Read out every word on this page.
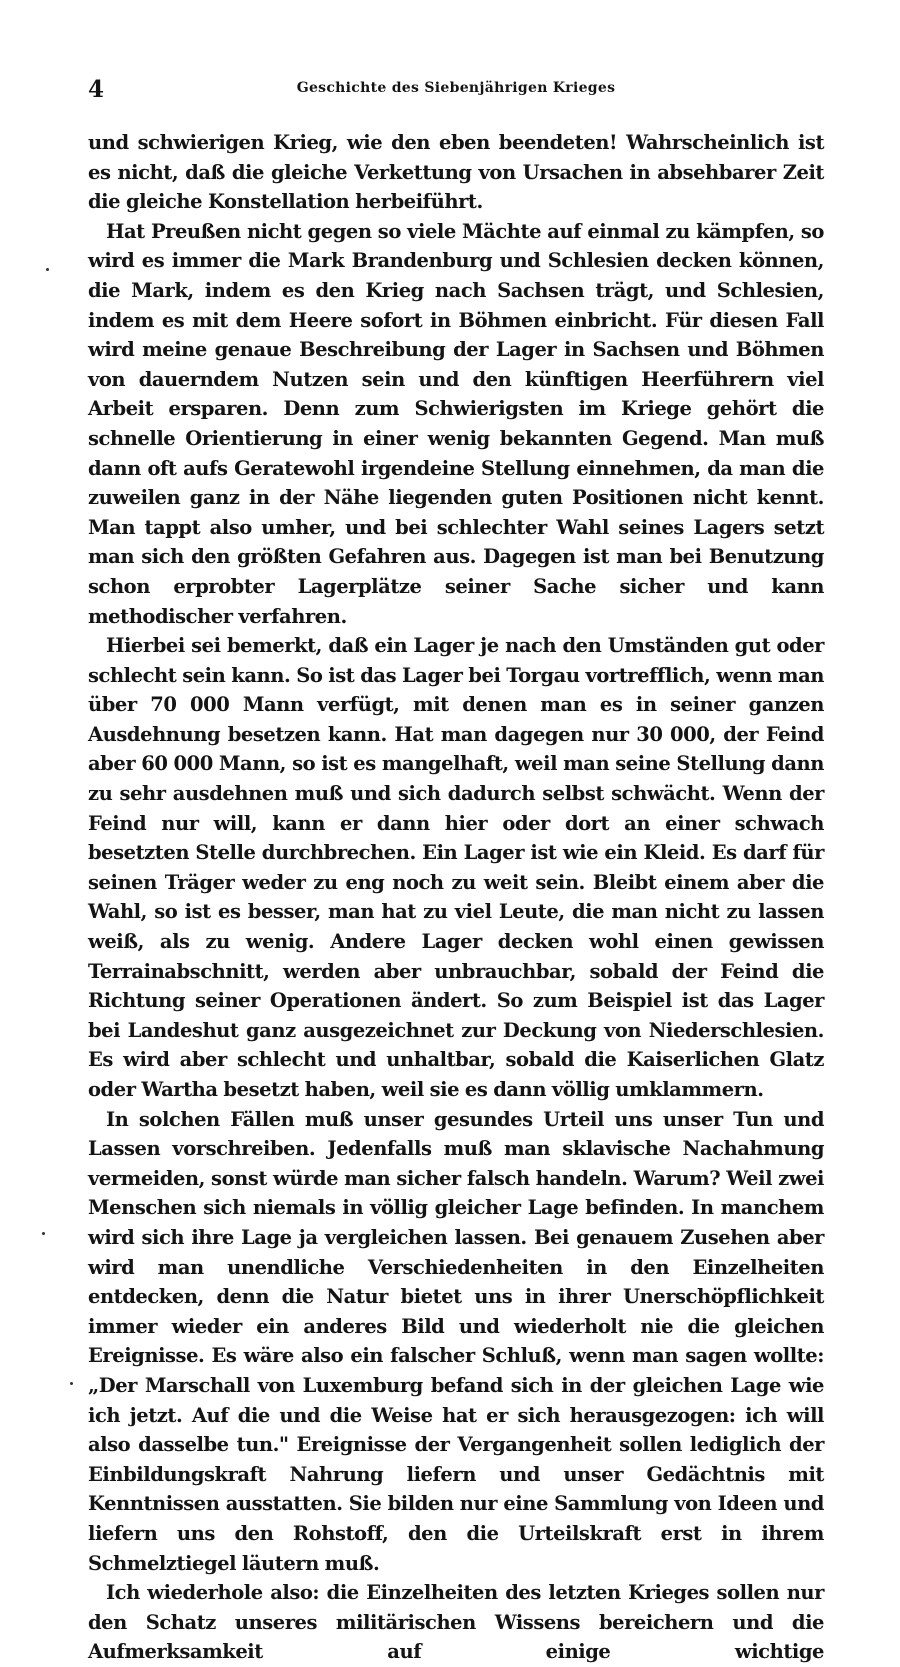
4	Geschichte des Siebenjährigen Krieges

und schwierigen Krieg, wie den eben beendeten! Wahrscheinlich ist es nicht, daß die gleiche Verkettung von Ursachen in absehbarer Zeit die gleiche Konstellation herbeiführt.

Hat Preußen nicht gegen so viele Mächte auf einmal zu kämpfen, so wird es immer die Mark Brandenburg und Schlesien decken können, die Mark, indem es den Krieg nach Sachsen trägt, und Schlesien, indem es mit dem Heere sofort in Böhmen einbricht. Für diesen Fall wird meine genaue Beschreibung der Lager in Sachsen und Böhmen von dauerndem Nutzen sein und den künftigen Heerführern viel Arbeit ersparen. Denn zum Schwierigsten im Kriege gehört die schnelle Orientierung in einer wenig bekannten Gegend. Man muß dann oft aufs Geratewohl irgendeine Stellung einnehmen, da man die zuweilen ganz in der Nähe liegenden guten Positionen nicht kennt. Man tappt also umher, und bei schlechter Wahl seines Lagers setzt man sich den größten Gefahren aus. Dagegen ist man bei Benutzung schon erprobter Lagerplätze seiner Sache sicher und kann methodischer verfahren.

Hierbei sei bemerkt, daß ein Lager je nach den Umständen gut oder schlecht sein kann. So ist das Lager bei Torgau vortrefflich, wenn man über 70 000 Mann verfügt, mit denen man es in seiner ganzen Ausdehnung besetzen kann. Hat man dagegen nur 30 000, der Feind aber 60 000 Mann, so ist es mangelhaft, weil man seine Stellung dann zu sehr ausdehnen muß und sich dadurch selbst schwächt. Wenn der Feind nur will, kann er dann hier oder dort an einer schwach besetzten Stelle durchbrechen. Ein Lager ist wie ein Kleid. Es darf für seinen Träger weder zu eng noch zu weit sein. Bleibt einem aber die Wahl, so ist es besser, man hat zu viel Leute, die man nicht zu lassen weiß, als zu wenig. Andere Lager decken wohl einen gewissen Terrainabschnitt, werden aber unbrauchbar, sobald der Feind die Richtung seiner Operationen ändert. So zum Beispiel ist das Lager bei Landeshut ganz ausgezeichnet zur Deckung von Niederschlesien. Es wird aber schlecht und unhaltbar, sobald die Kaiserlichen Glatz oder Wartha besetzt haben, weil sie es dann völlig umklammern.

In solchen Fällen muß unser gesundes Urteil uns unser Tun und Lassen vorschreiben. Jedenfalls muß man sklavische Nachahmung vermeiden, sonst würde man sicher falsch handeln. Warum? Weil zwei Menschen sich niemals in völlig gleicher Lage befinden. In manchem wird sich ihre Lage ja vergleichen lassen. Bei genauem Zusehen aber wird man unendliche Verschiedenheiten in den Einzelheiten entdecken, denn die Natur bietet uns in ihrer Unerschöpflichkeit immer wieder ein anderes Bild und wiederholt nie die gleichen Ereignisse. Es wäre also ein falscher Schluß, wenn man sagen wollte: „Der Marschall von Luxemburg befand sich in der gleichen Lage wie ich jetzt. Auf die und die Weise hat er sich herausgezogen: ich will also dasselbe tun." Ereignisse der Vergangenheit sollen lediglich der Einbildungskraft Nahrung liefern und unser Gedächtnis mit Kenntnissen ausstatten. Sie bilden nur eine Sammlung von Ideen und liefern uns den Rohstoff, den die Urteilskraft erst in ihrem Schmelztiegel läutern muß.

Ich wiederhole also: die Einzelheiten des letzten Krieges sollen nur den Schatz unseres militärischen Wissens bereichern und die Aufmerksamkeit auf einige wichtige
